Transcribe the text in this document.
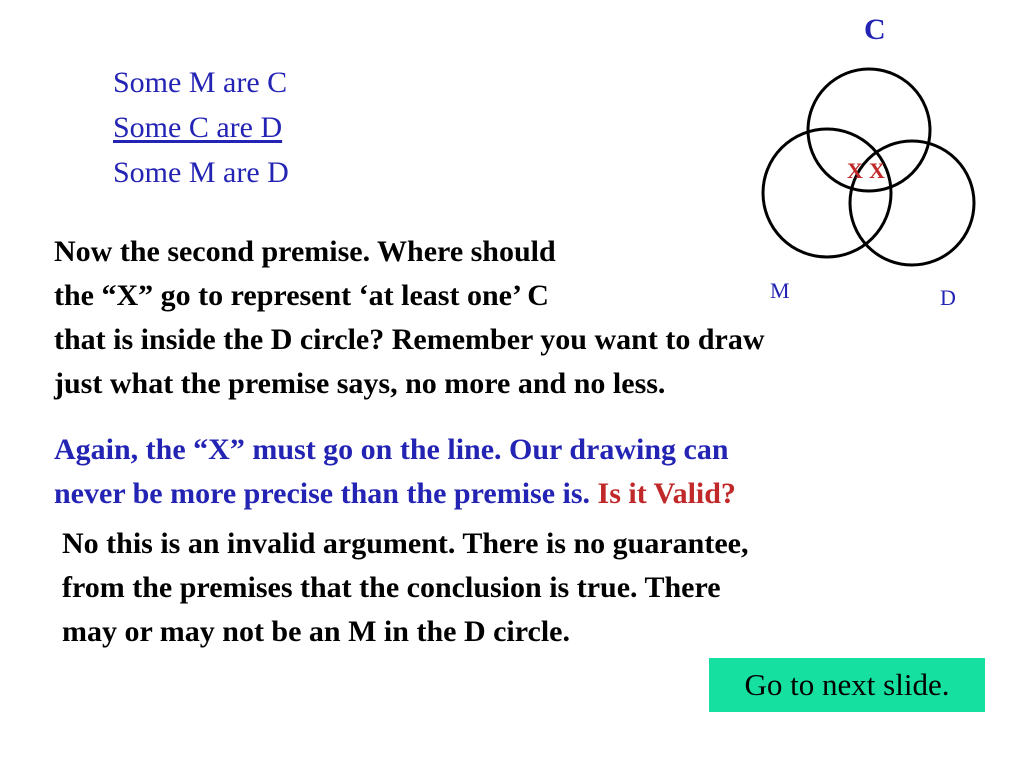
Some M are C
Some C are D
Some M are D
C
M	D
X X
Now the second premise. Where should
the “X” go to represent ‘at least one’ C
that is inside the D circle? Remember you want to draw
just what the premise says, no more and no less.
Again, the “X” must go on the line. Our drawing can
never be more precise than the premise is. Is it Valid?
No this is an invalid argument. There is no guarantee,
from the premises that the conclusion is true. There
may or may not be an M in the D circle.
Go to next slide.
